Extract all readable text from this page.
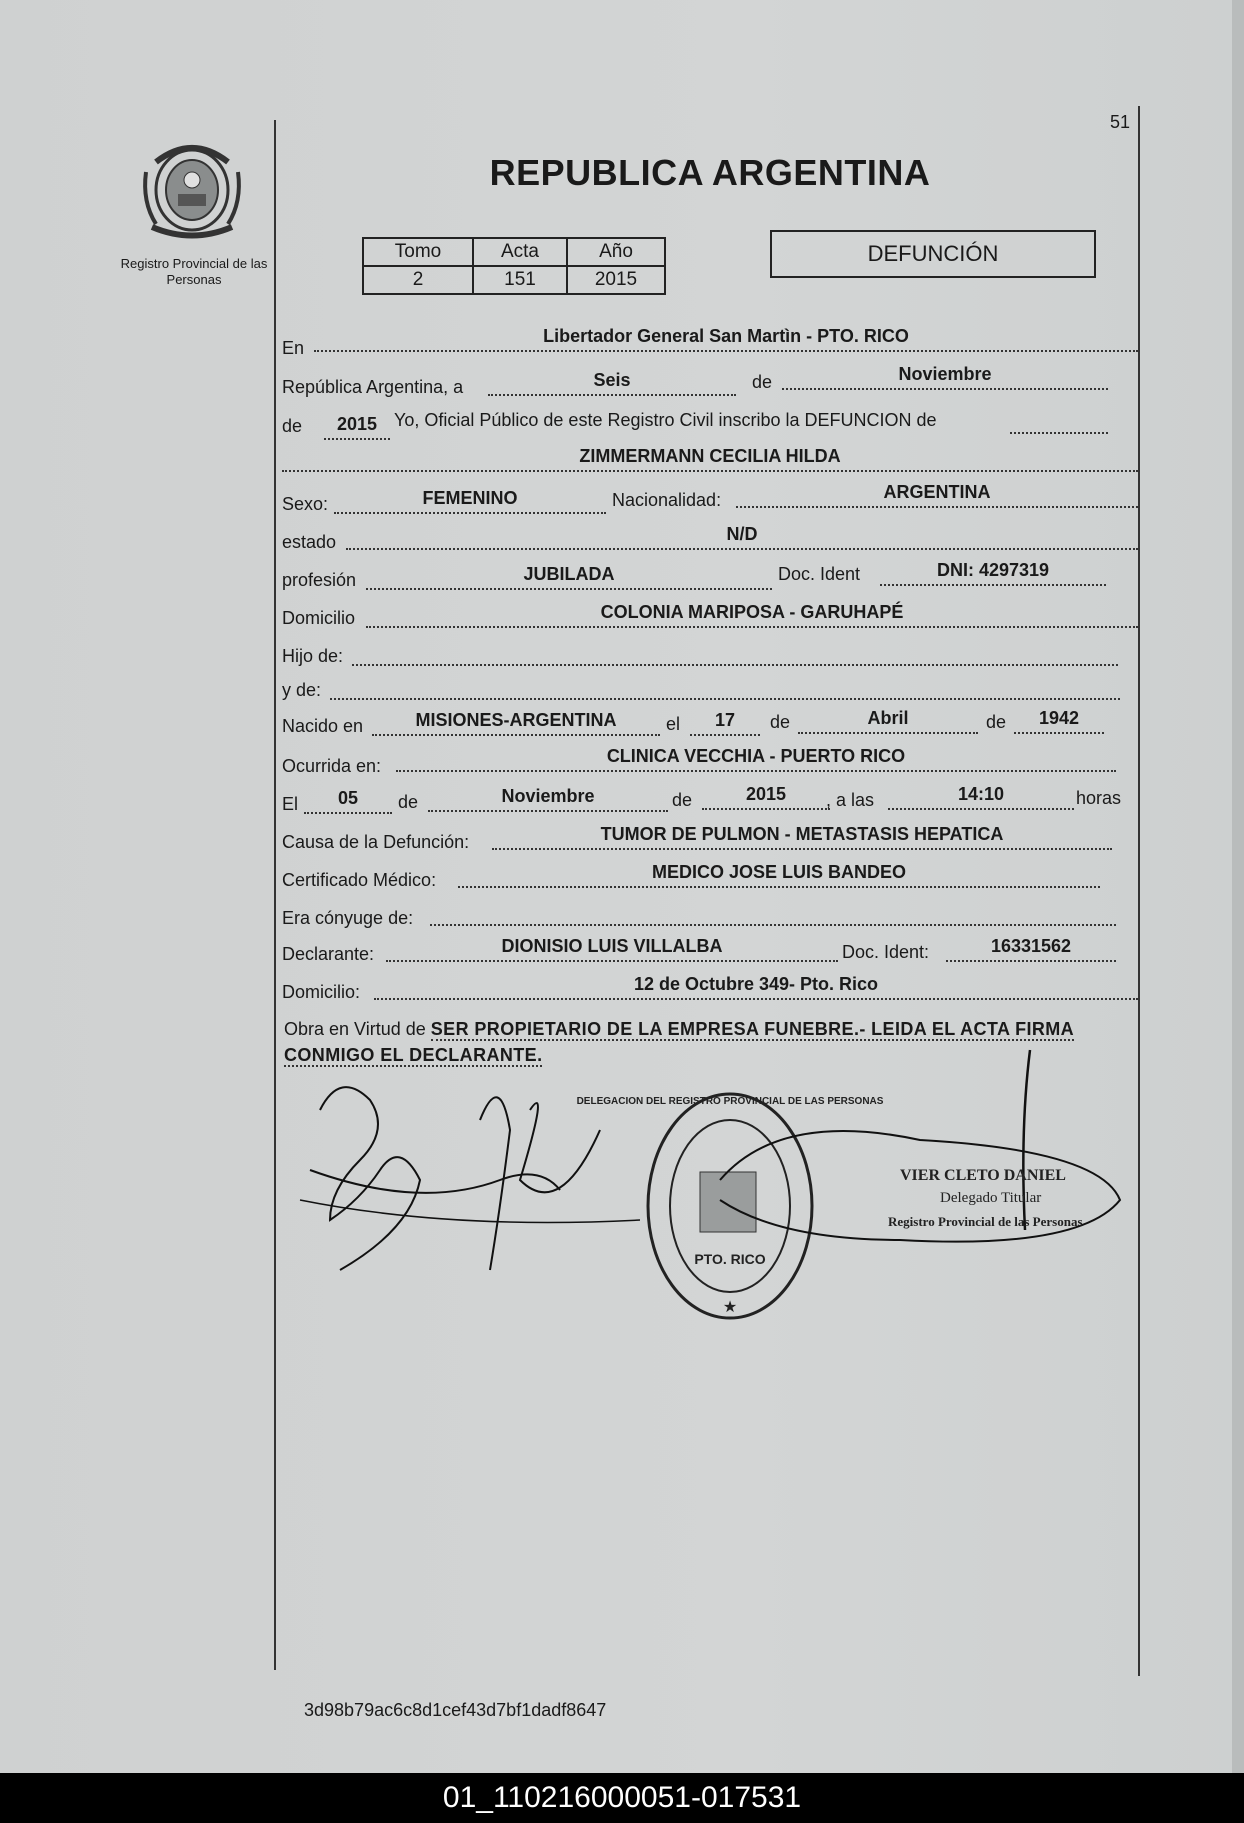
51
Registro Provincial de las Personas
REPUBLICA ARGENTINA
Tomo	Acta	Año
2	151	2015
DEFUNCIÓN
En
Libertador General San Martìn - PTO. RICO
República Argentina, a	Seis	de	Noviembre
de	2015 Yo, Oficial Público de este Registro Civil inscribo la DEFUNCION de
ZIMMERMANN CECILIA HILDA
Sexo:	FEMENINO	Nacionalidad:	ARGENTINA
estado	N/D
profesión	JUBILADA	Doc. Ident	DNI: 4297319
Domicilio	COLONIA MARIPOSA - GARUHAPÉ
Hijo de:
y de:
Nacido en	MISIONES-ARGENTINA	el	17	de	Abril	de	1942
Ocurrida en:	CLINICA VECCHIA - PUERTO RICO
El	05	de	Noviembre	de	2015	, a las	14:10	horas
Causa de la Defunción:	TUMOR DE PULMON - METASTASIS HEPATICA
Certificado Médico:	MEDICO JOSE LUIS BANDEO
Era cónyuge de:
Declarante:	DIONISIO LUIS VILLALBA	Doc. Ident:	16331562
Domicilio:	12 de Octubre 349- Pto. Rico
Obra en Virtud de SER PROPIETARIO DE LA EMPRESA FUNEBRE.- LEIDA EL ACTA FIRMA CONMIGO EL DECLARANTE.
DELEGACION DEL REGISTRO PROVINCIAL DE LAS PERSONAS
PTO. RICO
★
VIER CLETO DANIEL
Delegado Titular
Registro Provincial de las Personas
3d98b79ac6c8d1cef43d7bf1dadf8647
01_110216000051-017531
